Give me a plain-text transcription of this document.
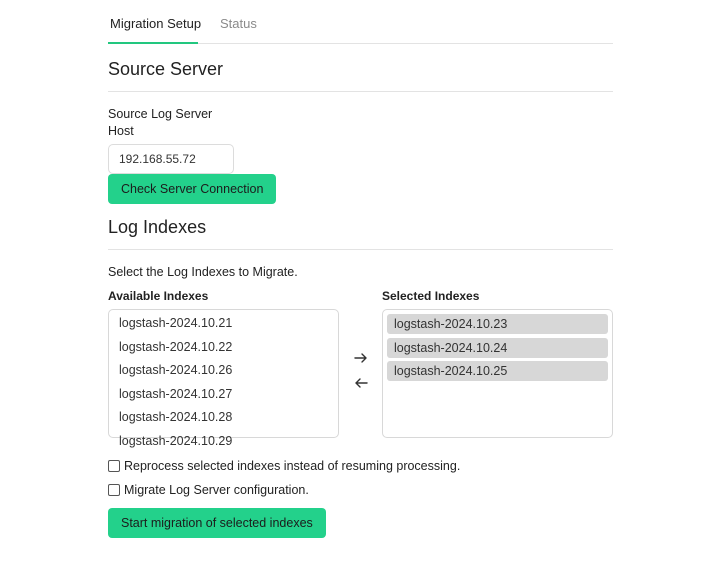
Migration Setup Status
Source Server
Source Log Server
Host
192.168.55.72
Check Server Connection
Log Indexes
Select the Log Indexes to Migrate.
Available Indexes	Selected Indexes
logstash-2024.10.21
logstash-2024.10.22
logstash-2024.10.26
logstash-2024.10.27
logstash-2024.10.28
logstash-2024.10.29
logstash-2024.10.23
logstash-2024.10.24
logstash-2024.10.25
Reprocess selected indexes instead of resuming processing.
Migrate Log Server configuration.
Start migration of selected indexes
